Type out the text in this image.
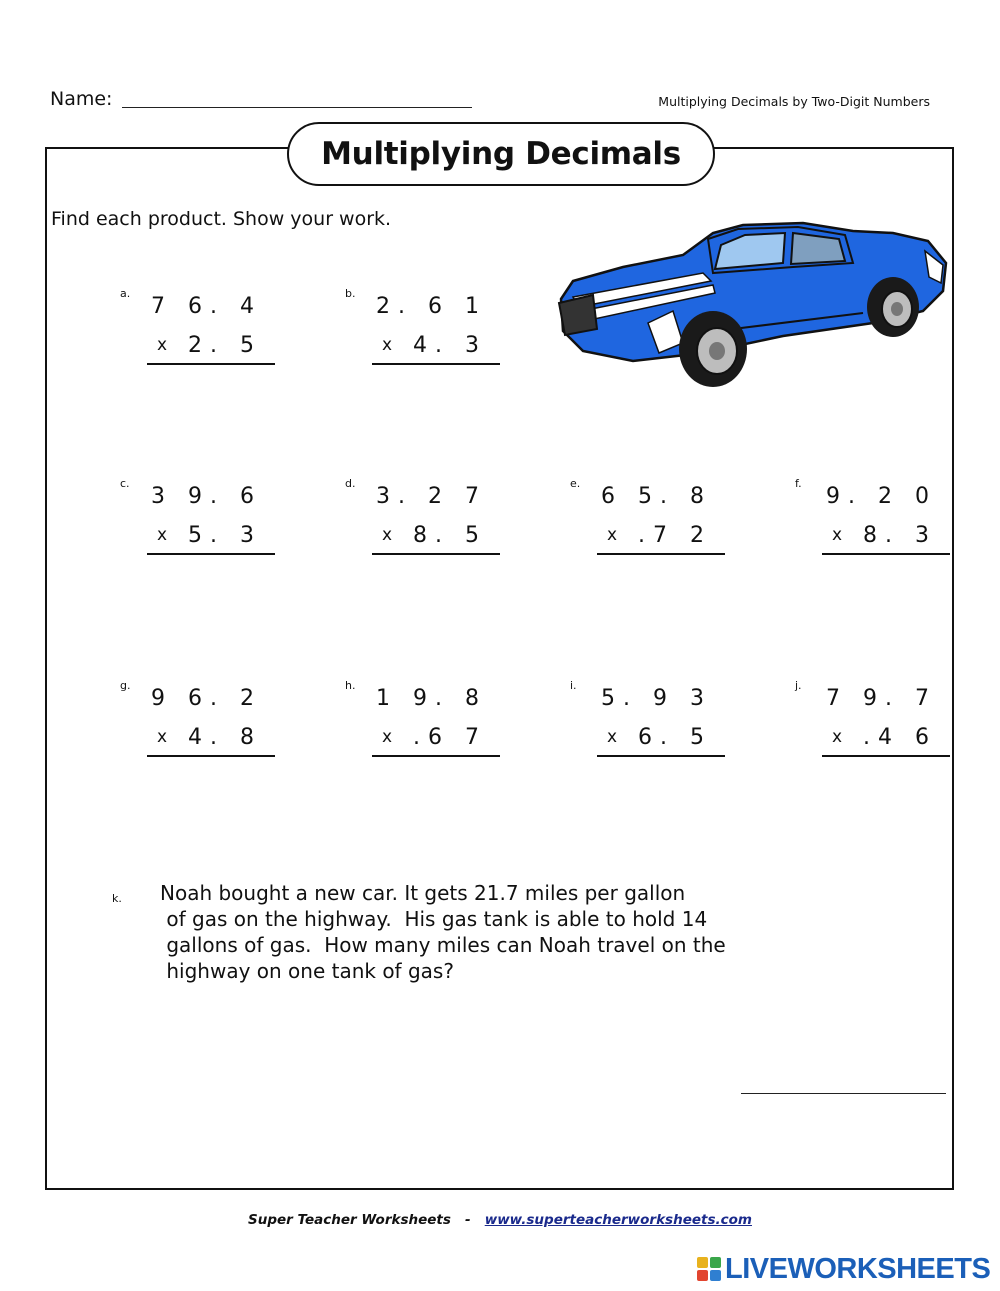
Name:	Multiplying Decimals by Two-Digit Numbers
Multiplying Decimals
Find each product. Show your work.
a.
7 6. 4
x 2. 5
b.
2. 6 1
x 4. 3
c.
3 9. 6
x 5. 3
d.
3. 2 7
x 8. 5
e.
6 5. 8
x .7 2
f.
9. 2 0
x 8. 3
g.
9 6. 2
x 4. 8
h.
1 9. 8
x .6 7
i.
5. 9 3
x 6. 5
j.
7 9. 7
x .4 6
k. Noah bought a new car. It gets 21.7 miles per gallon
of gas on the highway.  His gas tank is able to hold 14
gallons of gas.  How many miles can Noah travel on the
highway on one tank of gas?
Super Teacher Worksheets   -   www.superteacherworksheets.com
LIVEWORKSHEETS
